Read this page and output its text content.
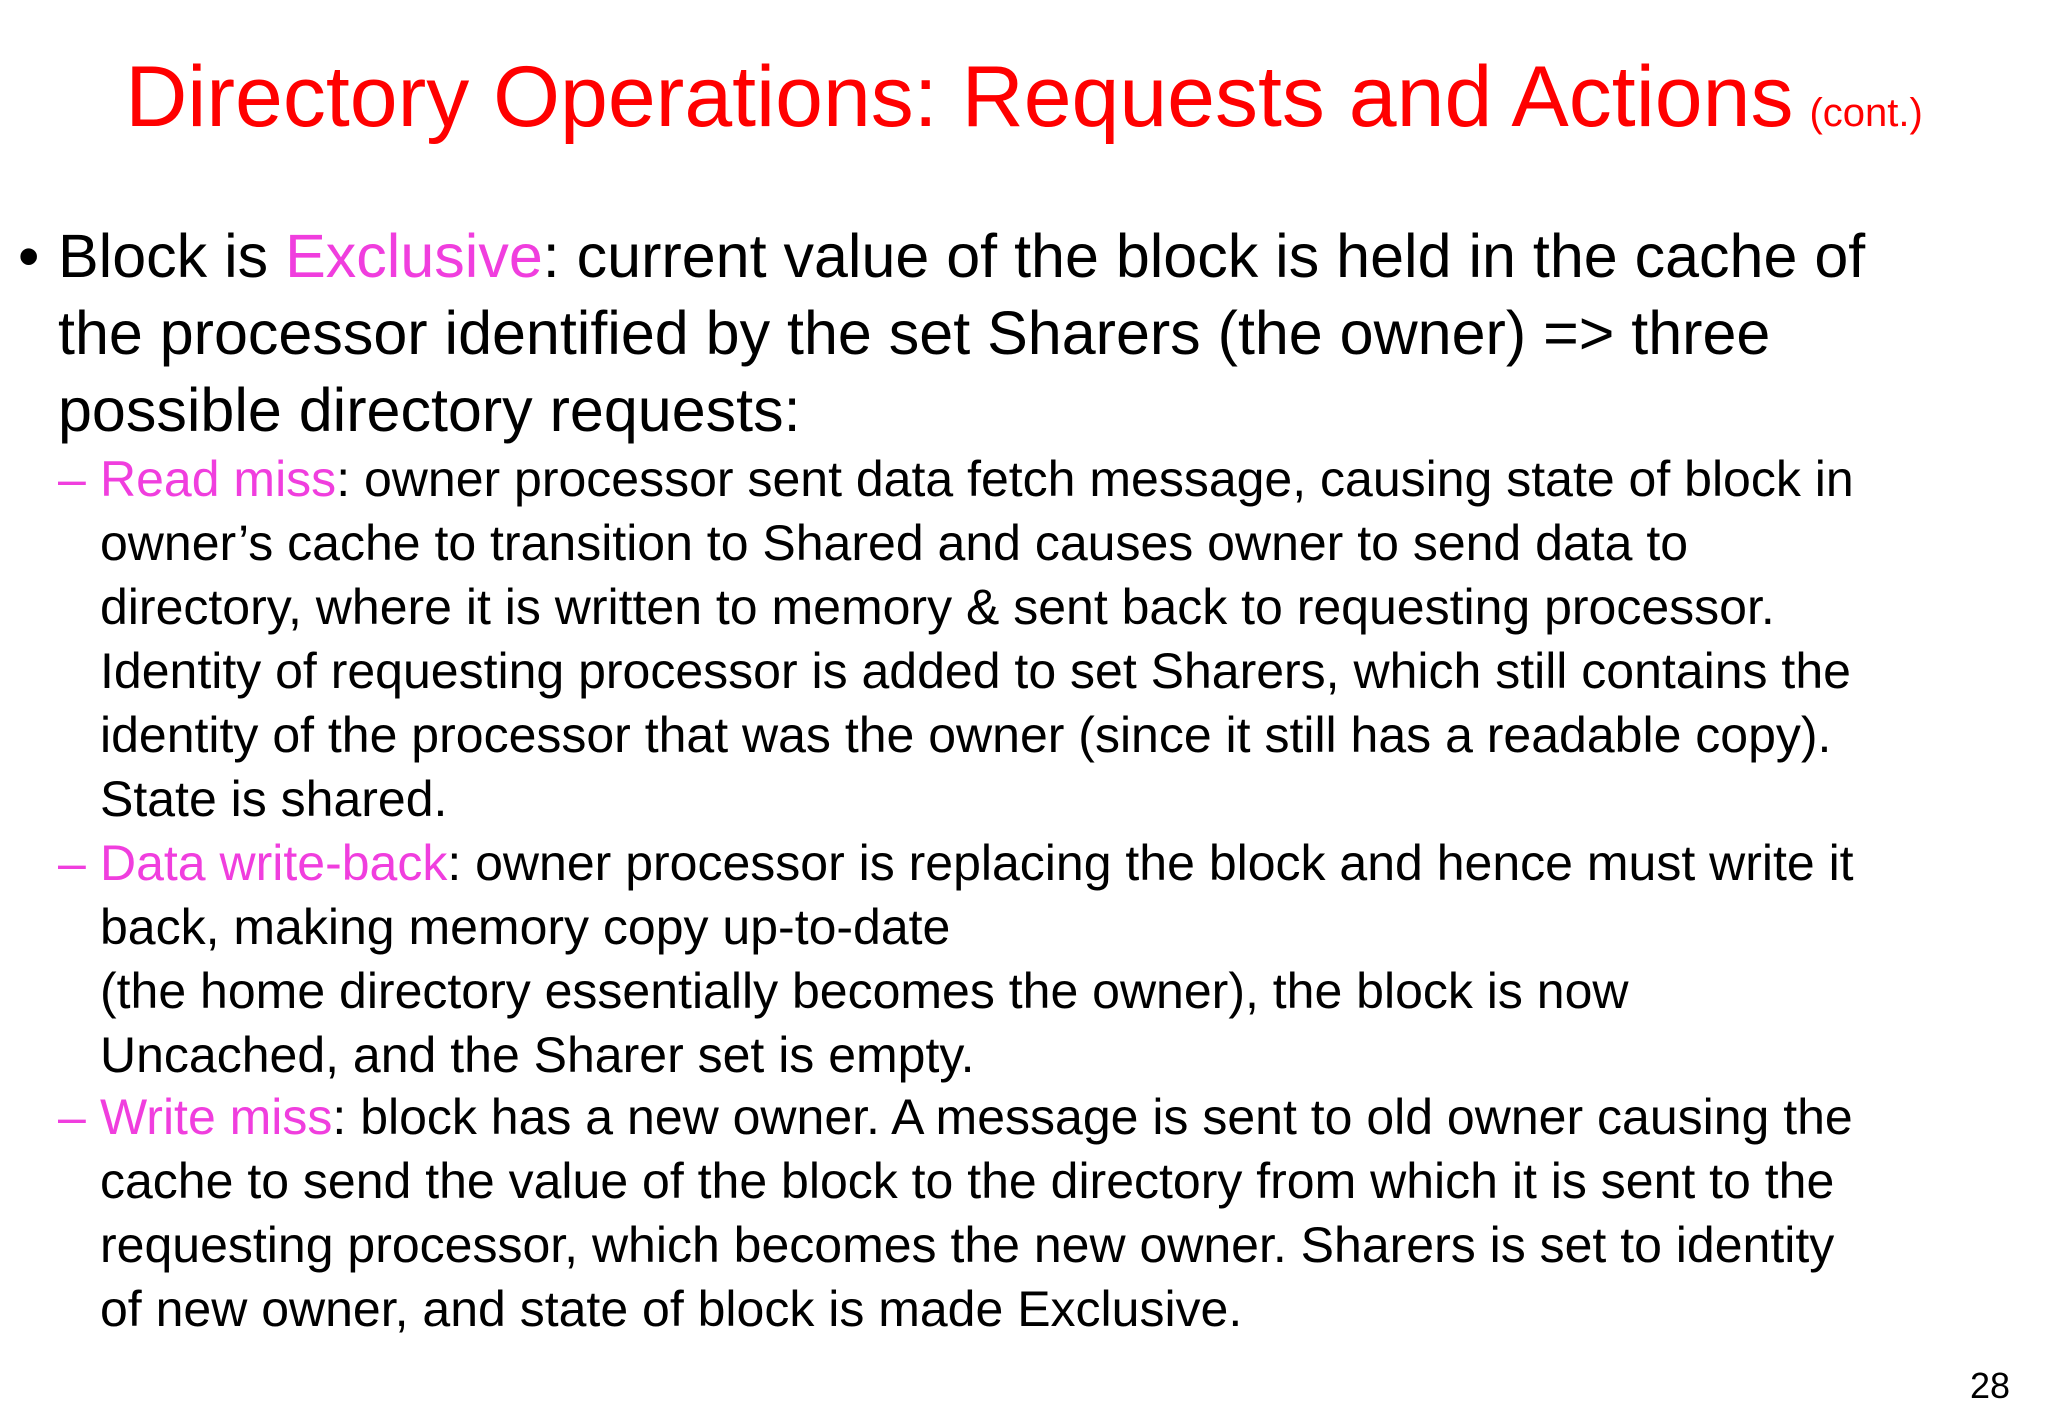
Directory Operations: Requests and Actions (cont.)
• Block is Exclusive: current value of the block is held in the cache of
the processor identified by the set Sharers (the owner) => three
possible directory requests:
– Read miss: owner processor sent data fetch message, causing state of block in
owner’s cache to transition to Shared and causes owner to send data to
directory, where it is written to memory & sent back to requesting processor.
Identity of requesting processor is added to set Sharers, which still contains the
identity of the processor that was the owner (since it still has a readable copy).
State is shared.
– Data write-back: owner processor is replacing the block and hence must write it
back, making memory copy up-to-date
(the home directory essentially becomes the owner), the block is now
Uncached, and the Sharer set is empty.
– Write miss: block has a new owner. A message is sent to old owner causing the
cache to send the value of the block to the directory from which it is sent to the
requesting processor, which becomes the new owner. Sharers is set to identity
of new owner, and state of block is made Exclusive.
28
